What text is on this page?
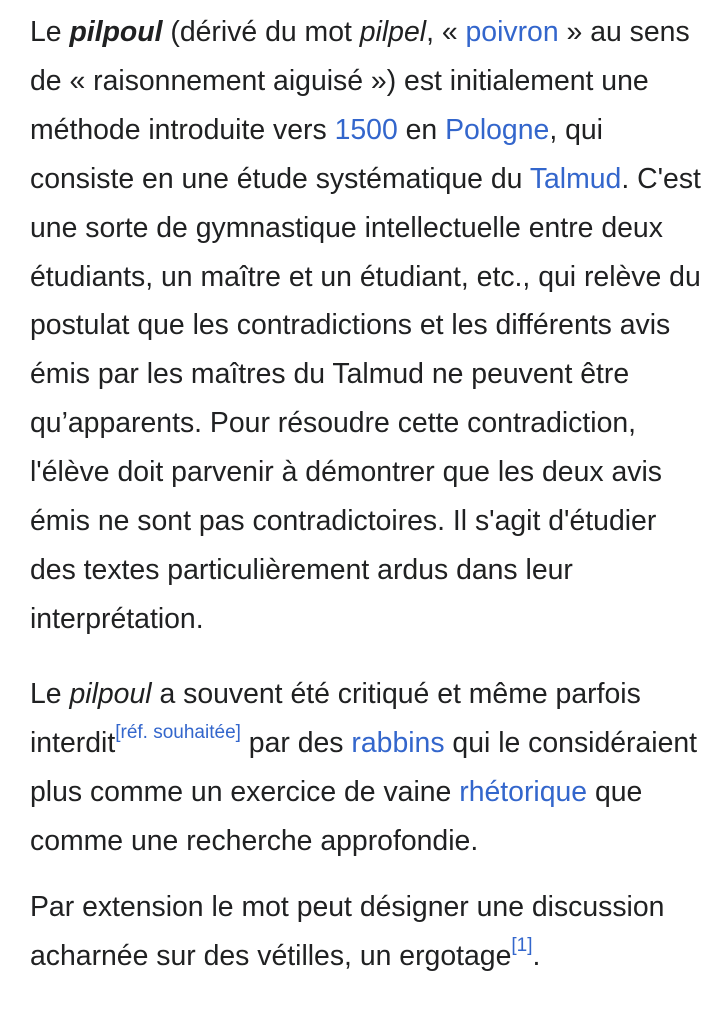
Le pilpoul (dérivé du mot pilpel, « poivron » au sens de « raisonnement aiguisé ») est initialement une méthode introduite vers 1500 en Pologne, qui consiste en une étude systématique du Talmud. C'est une sorte de gymnastique intellectuelle entre deux étudiants, un maître et un étudiant, etc., qui relève du postulat que les contradictions et les différents avis émis par les maîtres du Talmud ne peuvent être qu’apparents. Pour résoudre cette contradiction, l'élève doit parvenir à démontrer que les deux avis émis ne sont pas contradictoires. Il s'agit d'étudier des textes particulièrement ardus dans leur interprétation.

Le pilpoul a souvent été critiqué et même parfois interdit[réf. souhaitée] par des rabbins qui le considéraient plus comme un exercice de vaine rhétorique que comme une recherche approfondie.

Par extension le mot peut désigner une discussion acharnée sur des vétilles, un ergotage[1].
